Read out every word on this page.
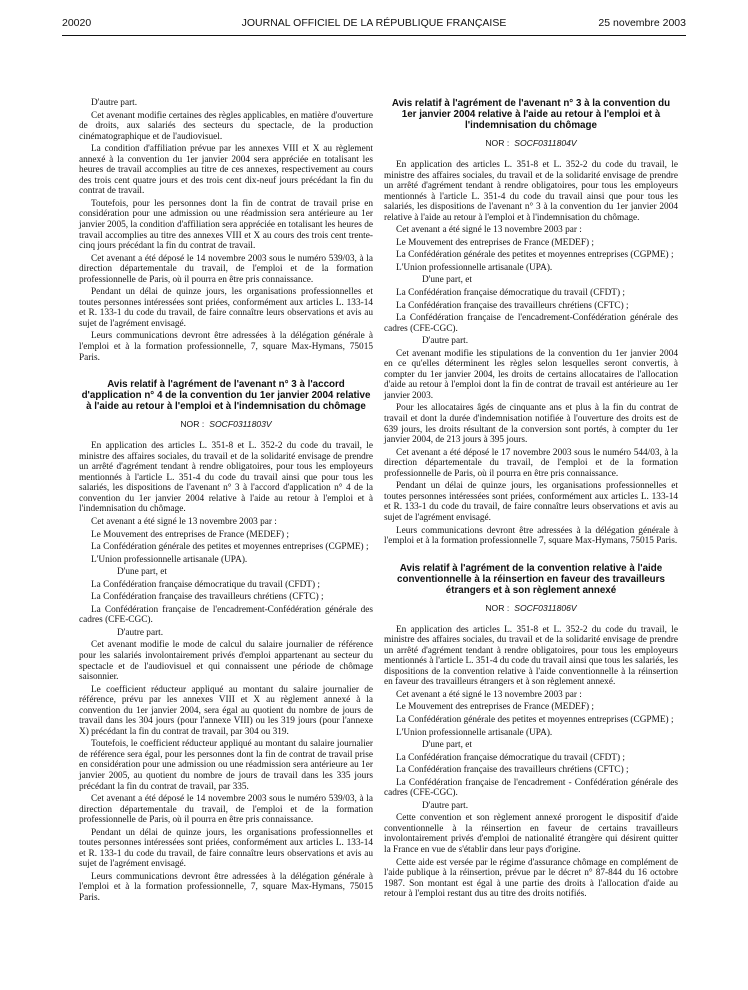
20020	JOURNAL OFFICIEL DE LA RÉPUBLIQUE FRANÇAISE	25 novembre 2003

D'autre part.

Cet avenant modifie certaines des règles applicables, en matière d'ouverture de droits, aux salariés des secteurs du spectacle, de la production cinématographique et de l'audiovisuel.

La condition d'affiliation prévue par les annexes VIII et X au règlement annexé à la convention du 1er janvier 2004 sera appréciée en totalisant les heures de travail accomplies au titre de ces annexes, respectivement au cours des trois cent quatre jours et des trois cent dix-neuf jours précédant la fin du contrat de travail.

Toutefois, pour les personnes dont la fin de contrat de travail prise en considération pour une admission ou une réadmission sera antérieure au 1er janvier 2005, la condition d'affiliation sera appréciée en totalisant les heures de travail accomplies au titre des annexes VIII et X au cours des trois cent trente-cinq jours précédant la fin du contrat de travail.

Cet avenant a été déposé le 14 novembre 2003 sous le numéro 539/03, à la direction départementale du travail, de l'emploi et de la formation professionnelle de Paris, où il pourra en être pris connaissance.

Pendant un délai de quinze jours, les organisations professionnelles et toutes personnes intéressées sont priées, conformément aux articles L. 133-14 et R. 133-1 du code du travail, de faire connaître leurs observations et avis au sujet de l'agrément envisagé.

Leurs communications devront être adressées à la délégation générale à l'emploi et à la formation professionnelle, 7, square Max-Hymans, 75015 Paris.

Avis relatif à l'agrément de l'avenant n° 3 à l'accord d'application n° 4 de la convention du 1er janvier 2004 relative à l'aide au retour à l'emploi et à l'indemnisation du chômage

NOR : SOCF0311803V

En application des articles L. 351-8 et L. 352-2 du code du travail, le ministre des affaires sociales, du travail et de la solidarité envisage de prendre un arrêté d'agrément tendant à rendre obligatoires, pour tous les employeurs mentionnés à l'article L. 351-4 du code du travail ainsi que pour tous les salariés, les dispositions de l'avenant n° 3 à l'accord d'application n° 4 de la convention du 1er janvier 2004 relative à l'aide au retour à l'emploi et à l'indemnisation du chômage.

Cet avenant a été signé le 13 novembre 2003 par :

Le Mouvement des entreprises de France (MEDEF) ;

La Confédération générale des petites et moyennes entreprises (CGPME) ;

L'Union professionnelle artisanale (UPA).

D'une part, et

La Confédération française démocratique du travail (CFDT) ;

La Confédération française des travailleurs chrétiens (CFTC) ;

La Confédération française de l'encadrement-Confédération générale des cadres (CFE-CGC).

D'autre part.

Cet avenant modifie le mode de calcul du salaire journalier de référence pour les salariés involontairement privés d'emploi appartenant au secteur du spectacle et de l'audiovisuel et qui connaissent une période de chômage saisonnier.

Le coefficient réducteur appliqué au montant du salaire journalier de référence, prévu par les annexes VIII et X au règlement annexé à la convention du 1er janvier 2004, sera égal au quotient du nombre de jours de travail dans les 304 jours (pour l'annexe VIII) ou les 319 jours (pour l'annexe X) précédant la fin du contrat de travail, par 304 ou 319.

Toutefois, le coefficient réducteur appliqué au montant du salaire journalier de référence sera égal, pour les personnes dont la fin de contrat de travail prise en considération pour une admission ou une réadmission sera antérieure au 1er janvier 2005, au quotient du nombre de jours de travail dans les 335 jours précédant la fin du contrat de travail, par 335.

Cet avenant a été déposé le 14 novembre 2003 sous le numéro 539/03, à la direction départementale du travail, de l'emploi et de la formation professionnelle de Paris, où il pourra en être pris connaissance.

Pendant un délai de quinze jours, les organisations professionnelles et toutes personnes intéressées sont priées, conformément aux articles L. 133-14 et R. 133-1 du code du travail, de faire connaître leurs observations et avis au sujet de l'agrément envisagé.

Leurs communications devront être adressées à la délégation générale à l'emploi et à la formation professionnelle, 7, square Max-Hymans, 75015 Paris.

Avis relatif à l'agrément de l'avenant n° 3 à la convention du 1er janvier 2004 relative à l'aide au retour à l'emploi et à l'indemnisation du chômage

NOR : SOCF0311804V

En application des articles L. 351-8 et L. 352-2 du code du travail, le ministre des affaires sociales, du travail et de la solidarité envisage de prendre un arrêté d'agrément tendant à rendre obligatoires, pour tous les employeurs mentionnés à l'article L. 351-4 du code du travail ainsi que pour tous les salariés, les dispositions de l'avenant n° 3 à la convention du 1er janvier 2004 relative à l'aide au retour à l'emploi et à l'indemnisation du chômage.

Cet avenant a été signé le 13 novembre 2003 par :

Le Mouvement des entreprises de France (MEDEF) ;

La Confédération générale des petites et moyennes entreprises (CGPME) ;

L'Union professionnelle artisanale (UPA).

D'une part, et

La Confédération française démocratique du travail (CFDT) ;

La Confédération française des travailleurs chrétiens (CFTC) ;

La Confédération française de l'encadrement-Confédération générale des cadres (CFE-CGC).

D'autre part.

Cet avenant modifie les stipulations de la convention du 1er janvier 2004 en ce qu'elles déterminent les règles selon lesquelles seront convertis, à compter du 1er janvier 2004, les droits de certains allocataires de l'allocation d'aide au retour à l'emploi dont la fin de contrat de travail est antérieure au 1er janvier 2003.

Pour les allocataires âgés de cinquante ans et plus à la fin du contrat de travail et dont la durée d'indemnisation notifiée à l'ouverture des droits est de 639 jours, les droits résultant de la conversion sont portés, à compter du 1er janvier 2004, de 213 jours à 395 jours.

Cet avenant a été déposé le 17 novembre 2003 sous le numéro 544/03, à la direction départementale du travail, de l'emploi et de la formation professionnelle de Paris, où il pourra en être pris connaissance.

Pendant un délai de quinze jours, les organisations professionnelles et toutes personnes intéressées sont priées, conformément aux articles L. 133-14 et R. 133-1 du code du travail, de faire connaître leurs observations et avis au sujet de l'agrément envisagé.

Leurs communications devront être adressées à la délégation générale à l'emploi et à la formation professionnelle 7, square Max-Hymans, 75015 Paris.

Avis relatif à l'agrément de la convention relative à l'aide conventionnelle à la réinsertion en faveur des travailleurs étrangers et à son règlement annexé

NOR : SOCF0311806V

En application des articles L. 351-8 et L. 352-2 du code du travail, le ministre des affaires sociales, du travail et de la solidarité envisage de prendre un arrêté d'agrément tendant à rendre obligatoires, pour tous les employeurs mentionnés à l'article L. 351-4 du code du travail ainsi que tous les salariés, les dispositions de la convention relative à l'aide conventionnelle à la réinsertion en faveur des travailleurs étrangers et à son règlement annexé.

Cet avenant a été signé le 13 novembre 2003 par :

Le Mouvement des entreprises de France (MEDEF) ;

La Confédération générale des petites et moyennes entreprises (CGPME) ;

L'Union professionnelle artisanale (UPA).

D'une part, et

La Confédération française démocratique du travail (CFDT) ;

La Confédération française des travailleurs chrétiens (CFTC) ;

La Confédération française de l'encadrement - Confédération générale des cadres (CFE-CGC).

D'autre part.

Cette convention et son règlement annexé prorogent le dispositif d'aide conventionnelle à la réinsertion en faveur de certains travailleurs involontairement privés d'emploi de nationalité étrangère qui désirent quitter la France en vue de s'établir dans leur pays d'origine.

Cette aide est versée par le régime d'assurance chômage en complément de l'aide publique à la réinsertion, prévue par le décret n° 87-844 du 16 octobre 1987. Son montant est égal à une partie des droits à l'allocation d'aide au retour à l'emploi restant dus au titre des droits notifiés.
